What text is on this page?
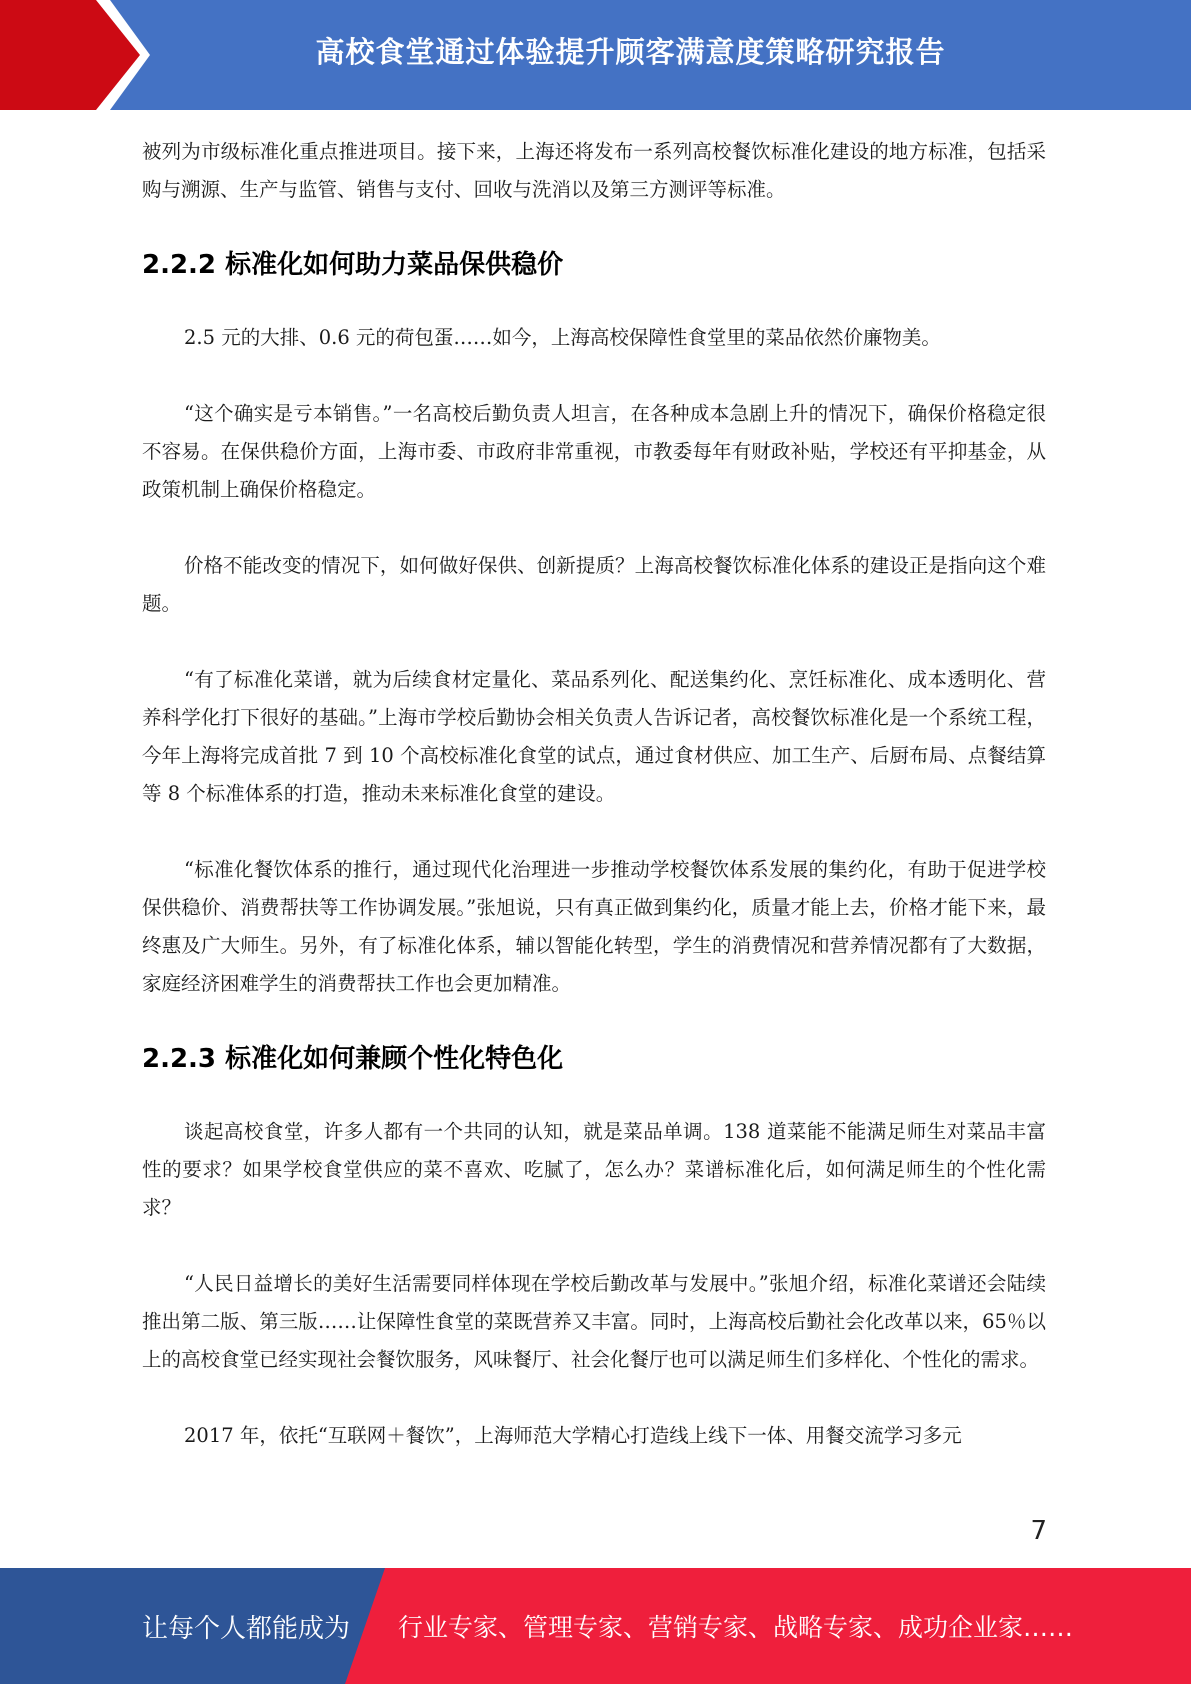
高校食堂通过体验提升顾客满意度策略研究报告

被列为市级标准化重点推进项目。接下来，上海还将发布一系列高校餐饮标准化建设的地方标准，包括采购与溯源、生产与监管、销售与支付、回收与洗消以及第三方测评等标准。

2.2.2 标准化如何助力菜品保供稳价

2.5 元的大排、0.6 元的荷包蛋……如今，上海高校保障性食堂里的菜品依然价廉物美。

“这个确实是亏本销售。”一名高校后勤负责人坦言，在各种成本急剧上升的情况下，确保价格稳定很不容易。在保供稳价方面，上海市委、市政府非常重视，市教委每年有财政补贴，学校还有平抑基金，从政策机制上确保价格稳定。

价格不能改变的情况下，如何做好保供、创新提质？上海高校餐饮标准化体系的建设正是指向这个难题。

“有了标准化菜谱，就为后续食材定量化、菜品系列化、配送集约化、烹饪标准化、成本透明化、营养科学化打下很好的基础。”上海市学校后勤协会相关负责人告诉记者，高校餐饮标准化是一个系统工程，今年上海将完成首批 7 到 10 个高校标准化食堂的试点，通过食材供应、加工生产、后厨布局、点餐结算等 8 个标准体系的打造，推动未来标准化食堂的建设。

“标准化餐饮体系的推行，通过现代化治理进一步推动学校餐饮体系发展的集约化，有助于促进学校保供稳价、消费帮扶等工作协调发展。”张旭说，只有真正做到集约化，质量才能上去，价格才能下来，最终惠及广大师生。另外，有了标准化体系，辅以智能化转型，学生的消费情况和营养情况都有了大数据，家庭经济困难学生的消费帮扶工作也会更加精准。

2.2.3 标准化如何兼顾个性化特色化

谈起高校食堂，许多人都有一个共同的认知，就是菜品单调。138 道菜能不能满足师生对菜品丰富性的要求？如果学校食堂供应的菜不喜欢、吃腻了，怎么办？菜谱标准化后，如何满足师生的个性化需求？

“人民日益增长的美好生活需要同样体现在学校后勤改革与发展中。”张旭介绍，标准化菜谱还会陆续推出第二版、第三版……让保障性食堂的菜既营养又丰富。同时，上海高校后勤社会化改革以来，65％以上的高校食堂已经实现社会餐饮服务，风味餐厅、社会化餐厅也可以满足师生们多样化、个性化的需求。

2017 年，依托“互联网＋餐饮”，上海师范大学精心打造线上线下一体、用餐交流学习多元

7
让每个人都能成为 行业专家、管理专家、营销专家、战略专家、成功企业家……
